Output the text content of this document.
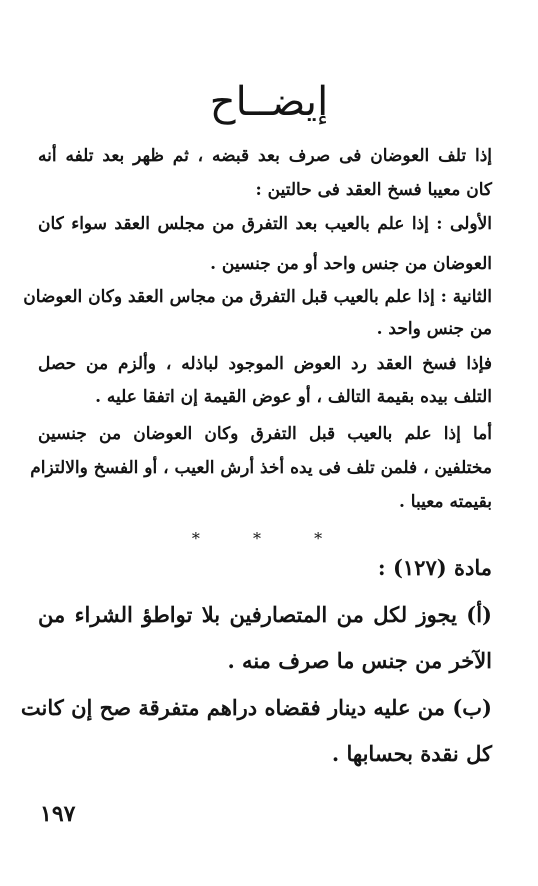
إيضــاح
إذا تلف العوضان فى صرف بعد قبضه ، ثم ظهر بعد تلفه أنه
كان معيبا فسخ العقد فى حالتين :
الأولى : إذا علم بالعيب بعد التفرق من مجلس العقد سواء كان
العوضان من جنس واحد أو من جنسين .
الثانية : إذا علم بالعيب قبل التفرق من مجاس العقد وكان العوضان
من جنس واحد .
فإذا فسخ العقد رد العوض الموجود لباذله ، وألزم من حصل
التلف بيده بقيمة التالف ، أو عوض القيمة إن اتفقا عليه .
أما إذا علم بالعيب قبل التفرق وكان العوضان من جنسين
مختلفين ، فلمن تلف فى يده أخذ أرش العيب ، أو الفسخ والالتزام
بقيمته معيبا .
* * *
مادة (١٢٧) :
(أ) يجوز لكل من المتصارفين بلا تواطؤ الشراء من
الآخر من جنس ما صرف منه .
(ب) من عليه دينار فقضاه دراهم متفرقة صح إن كانت
كل نقدة بحسابها .
١٩٧
